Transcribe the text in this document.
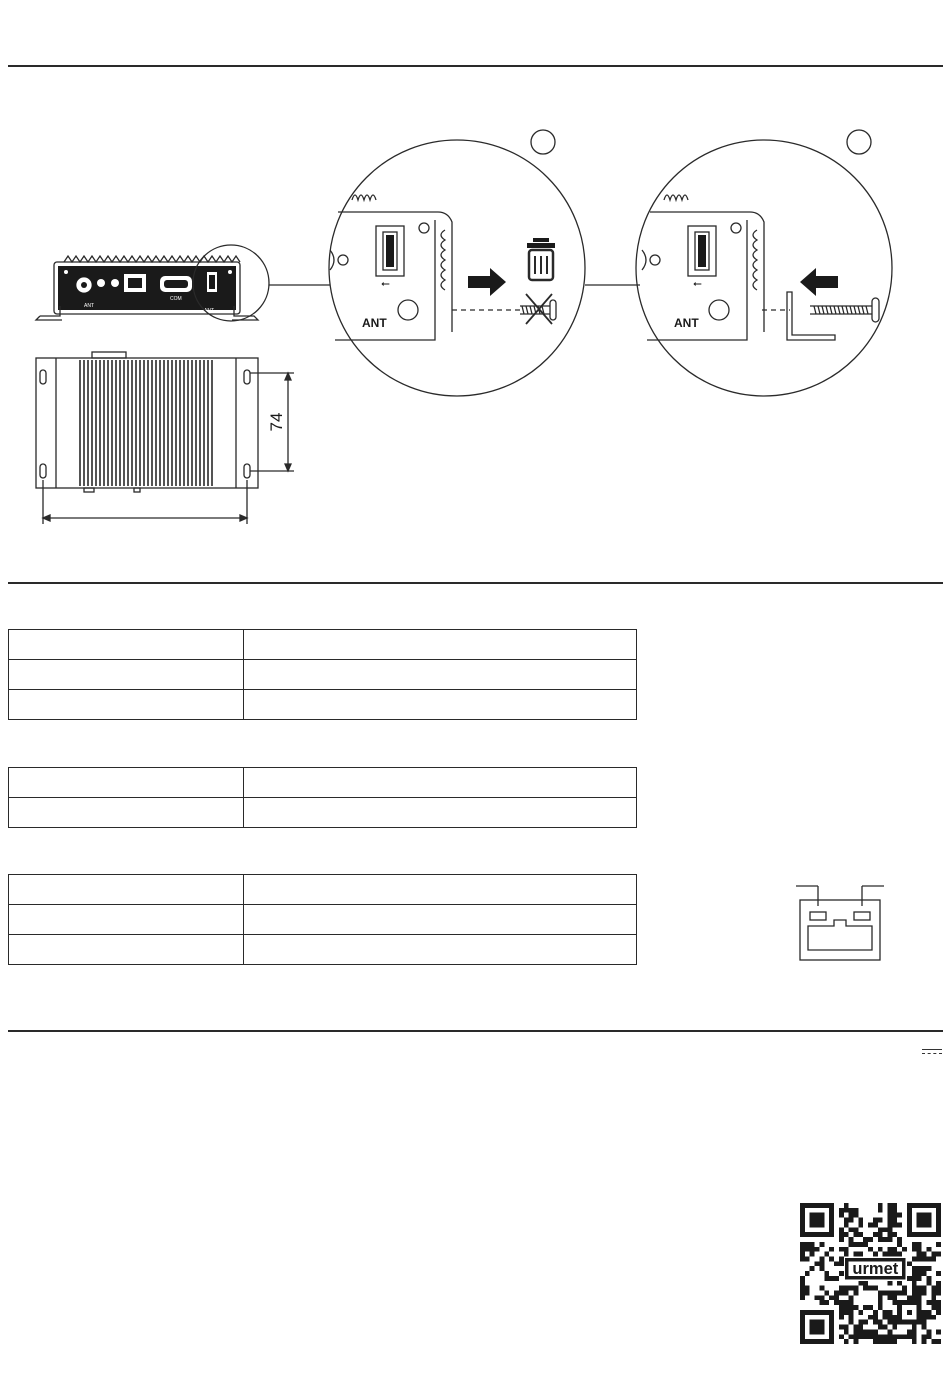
ANT
COM
ANT
⭠
ANT
⭠
ANT
74

urmet
